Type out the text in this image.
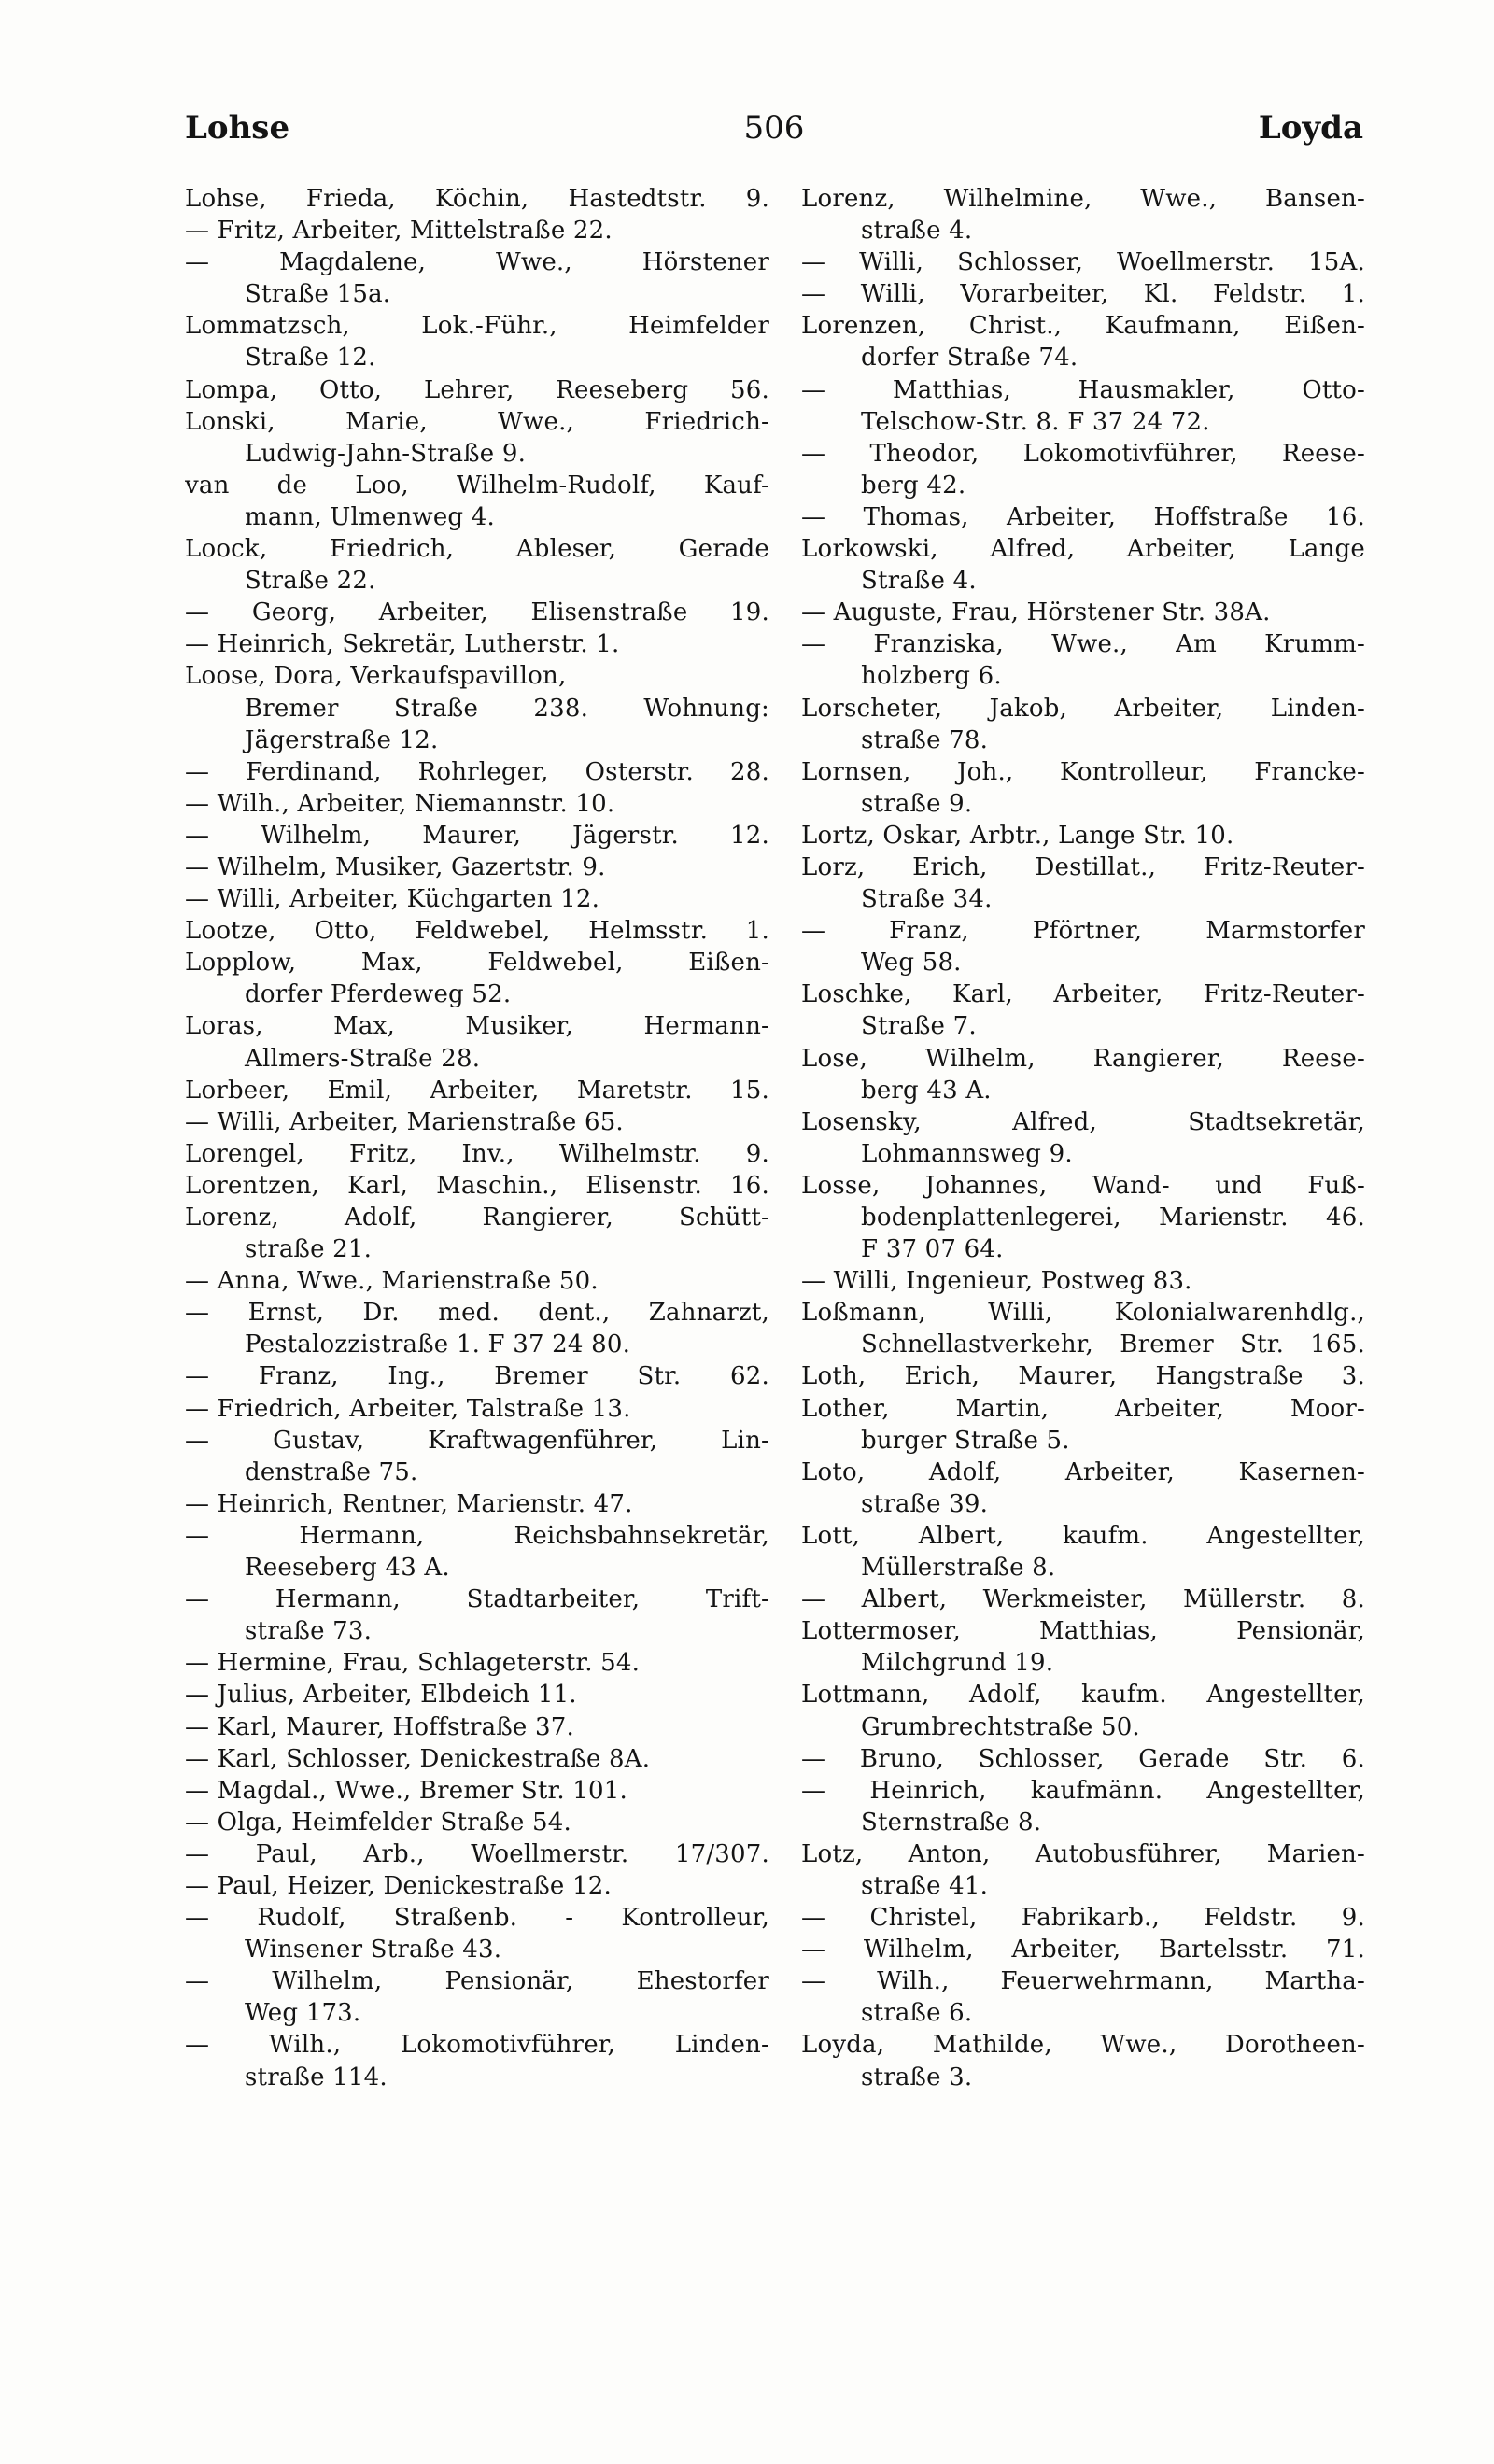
Lohse	506	Loyda
Lohse, Frieda, Köchin, Hastedtstr. 9.
— Fritz, Arbeiter, Mittelstraße 22.
— Magdalene, Wwe., Hörstener
Straße 15a.
Lommatzsch, Lok.-Führ., Heimfelder
Straße 12.
Lompa, Otto, Lehrer, Reeseberg 56.
Lonski, Marie, Wwe., Friedrich-
Ludwig-Jahn-Straße 9.
van de Loo, Wilhelm-Rudolf, Kauf-
mann, Ulmenweg 4.
Loock, Friedrich, Ableser, Gerade
Straße 22.
— Georg, Arbeiter, Elisenstraße 19.
— Heinrich, Sekretär, Lutherstr. 1.
Loose, Dora, Verkaufspavillon,
Bremer Straße 238. Wohnung:
Jägerstraße 12.
— Ferdinand, Rohrleger, Osterstr. 28.
— Wilh., Arbeiter, Niemannstr. 10.
— Wilhelm, Maurer, Jägerstr. 12.
— Wilhelm, Musiker, Gazertstr. 9.
— Willi, Arbeiter, Küchgarten 12.
Lootze, Otto, Feldwebel, Helmsstr. 1.
Lopplow, Max, Feldwebel, Eißen-
dorfer Pferdeweg 52.
Loras, Max, Musiker, Hermann-
Allmers-Straße 28.
Lorbeer, Emil, Arbeiter, Maretstr. 15.
— Willi, Arbeiter, Marienstraße 65.
Lorengel, Fritz, Inv., Wilhelmstr. 9.
Lorentzen, Karl, Maschin., Elisenstr. 16.
Lorenz, Adolf, Rangierer, Schütt-
straße 21.
— Anna, Wwe., Marienstraße 50.
— Ernst, Dr. med. dent., Zahnarzt,
Pestalozzistraße 1. F 37 24 80.
— Franz, Ing., Bremer Str. 62.
— Friedrich, Arbeiter, Talstraße 13.
— Gustav, Kraftwagenführer, Lin-
denstraße 75.
— Heinrich, Rentner, Marienstr. 47.
— Hermann, Reichsbahnsekretär,
Reeseberg 43 A.
— Hermann, Stadtarbeiter, Trift-
straße 73.
— Hermine, Frau, Schlageterstr. 54.
— Julius, Arbeiter, Elbdeich 11.
— Karl, Maurer, Hoffstraße 37.
— Karl, Schlosser, Denickestraße 8A.
— Magdal., Wwe., Bremer Str. 101.
— Olga, Heimfelder Straße 54.
— Paul, Arb., Woellmerstr. 17/307.
— Paul, Heizer, Denickestraße 12.
— Rudolf, Straßenb. - Kontrolleur,
Winsener Straße 43.
— Wilhelm, Pensionär, Ehestorfer
Weg 173.
— Wilh., Lokomotivführer, Linden-
straße 114.
Lorenz, Wilhelmine, Wwe., Bansen-
straße 4.
— Willi, Schlosser, Woellmerstr. 15A.
— Willi, Vorarbeiter, Kl. Feldstr. 1.
Lorenzen, Christ., Kaufmann, Eißen-
dorfer Straße 74.
— Matthias, Hausmakler, Otto-
Telschow-Str. 8. F 37 24 72.
— Theodor, Lokomotivführer, Reese-
berg 42.
— Thomas, Arbeiter, Hoffstraße 16.
Lorkowski, Alfred, Arbeiter, Lange
Straße 4.
— Auguste, Frau, Hörstener Str. 38A.
— Franziska, Wwe., Am Krumm-
holzberg 6.
Lorscheter, Jakob, Arbeiter, Linden-
straße 78.
Lornsen, Joh., Kontrolleur, Francke-
straße 9.
Lortz, Oskar, Arbtr., Lange Str. 10.
Lorz, Erich, Destillat., Fritz-Reuter-
Straße 34.
— Franz, Pförtner, Marmstorfer
Weg 58.
Loschke, Karl, Arbeiter, Fritz-Reuter-
Straße 7.
Lose, Wilhelm, Rangierer, Reese-
berg 43 A.
Losensky, Alfred, Stadtsekretär,
Lohmannsweg 9.
Losse, Johannes, Wand- und Fuß-
bodenplattenlegerei, Marienstr. 46.
F 37 07 64.
— Willi, Ingenieur, Postweg 83.
Loßmann, Willi, Kolonialwarenhdlg.,
Schnellastverkehr, Bremer Str. 165.
Loth, Erich, Maurer, Hangstraße 3.
Lother, Martin, Arbeiter, Moor-
burger Straße 5.
Loto, Adolf, Arbeiter, Kasernen-
straße 39.
Lott, Albert, kaufm. Angestellter,
Müllerstraße 8.
— Albert, Werkmeister, Müllerstr. 8.
Lottermoser, Matthias, Pensionär,
Milchgrund 19.
Lottmann, Adolf, kaufm. Angestellter,
Grumbrechtstraße 50.
— Bruno, Schlosser, Gerade Str. 6.
— Heinrich, kaufmänn. Angestellter,
Sternstraße 8.
Lotz, Anton, Autobusführer, Marien-
straße 41.
— Christel, Fabrikarb., Feldstr. 9.
— Wilhelm, Arbeiter, Bartelsstr. 71.
— Wilh., Feuerwehrmann, Martha-
straße 6.
Loyda, Mathilde, Wwe., Dorotheen-
straße 3.
